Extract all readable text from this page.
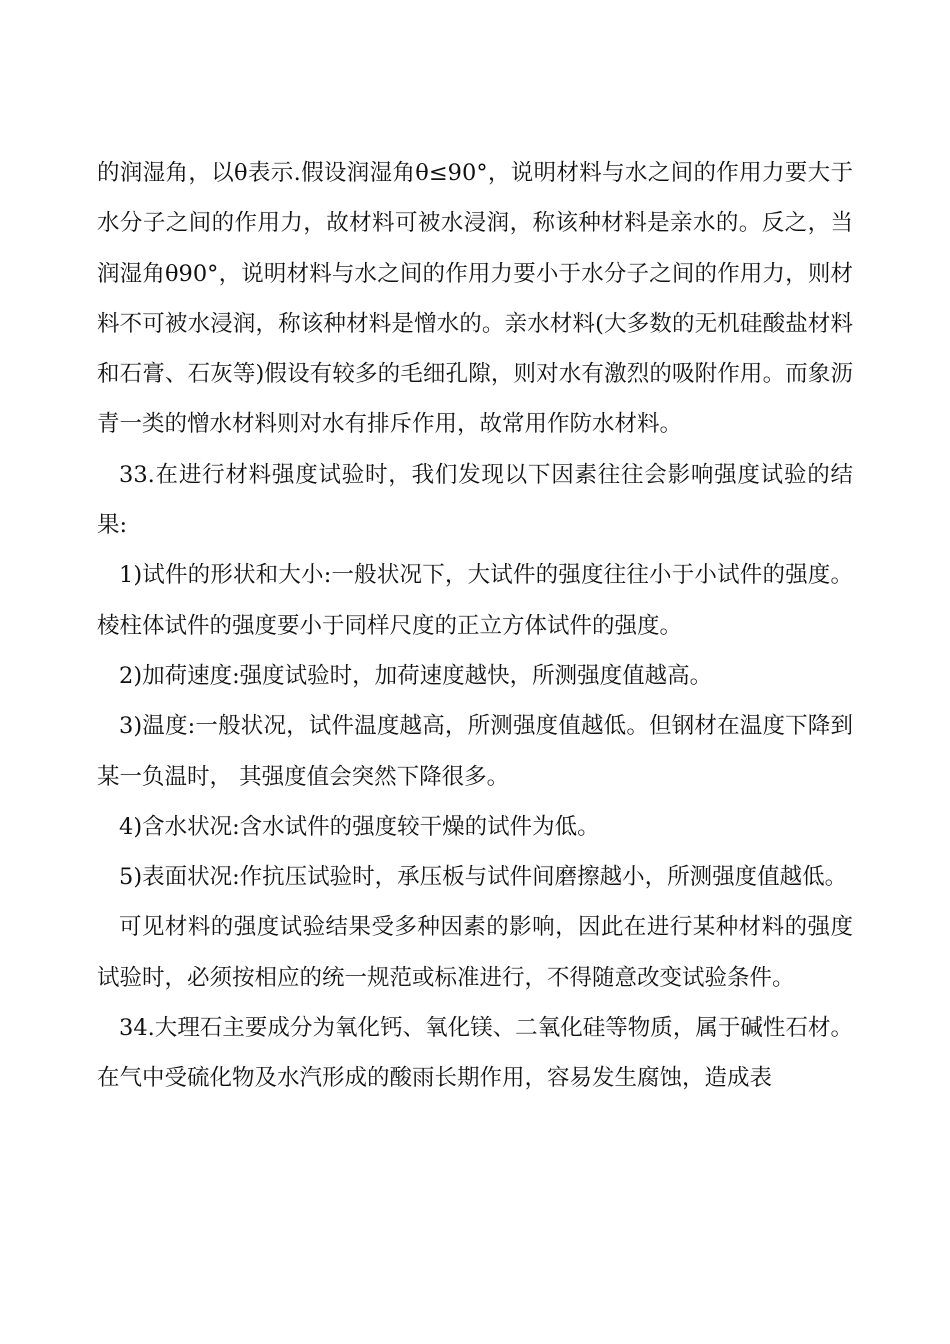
的润湿角，以θ表示.假设润湿角θ≤90°，说明材料与水之间的作用力要大于水分子之间的作用力，故材料可被水浸润，称该种材料是亲水的。反之，当润湿角θ90°，说明材料与水之间的作用力要小于水分子之间的作用力，则材料不可被水浸润，称该种材料是憎水的。亲水材料(大多数的无机硅酸盐材料和石膏、石灰等)假设有较多的毛细孔隙，则对水有激烈的吸附作用。而象沥青一类的憎水材料则对水有排斥作用，故常用作防水材料。

33.在进行材料强度试验时，我们发现以下因素往往会影响强度试验的结果:

1)试件的形状和大小:一般状况下，大试件的强度往往小于小试件的强度。棱柱体试件的强度要小于同样尺度的正立方体试件的强度。

2)加荷速度:强度试验时，加荷速度越快，所测强度值越高。

3)温度:一般状况，试件温度越高，所测强度值越低。但钢材在温度下降到某一负温时， 其强度值会突然下降很多。

4)含水状况:含水试件的强度较干燥的试件为低。

5)表面状况:作抗压试验时，承压板与试件间磨擦越小，所测强度值越低。

可见材料的强度试验结果受多种因素的影响，因此在进行某种材料的强度试验时，必须按相应的统一规范或标准进行，不得随意改变试验条件。

34.大理石主要成分为氧化钙、氧化镁、二氧化硅等物质，属于碱性石材。在气中受硫化物及水汽形成的酸雨长期作用，容易发生腐蚀，造成表
